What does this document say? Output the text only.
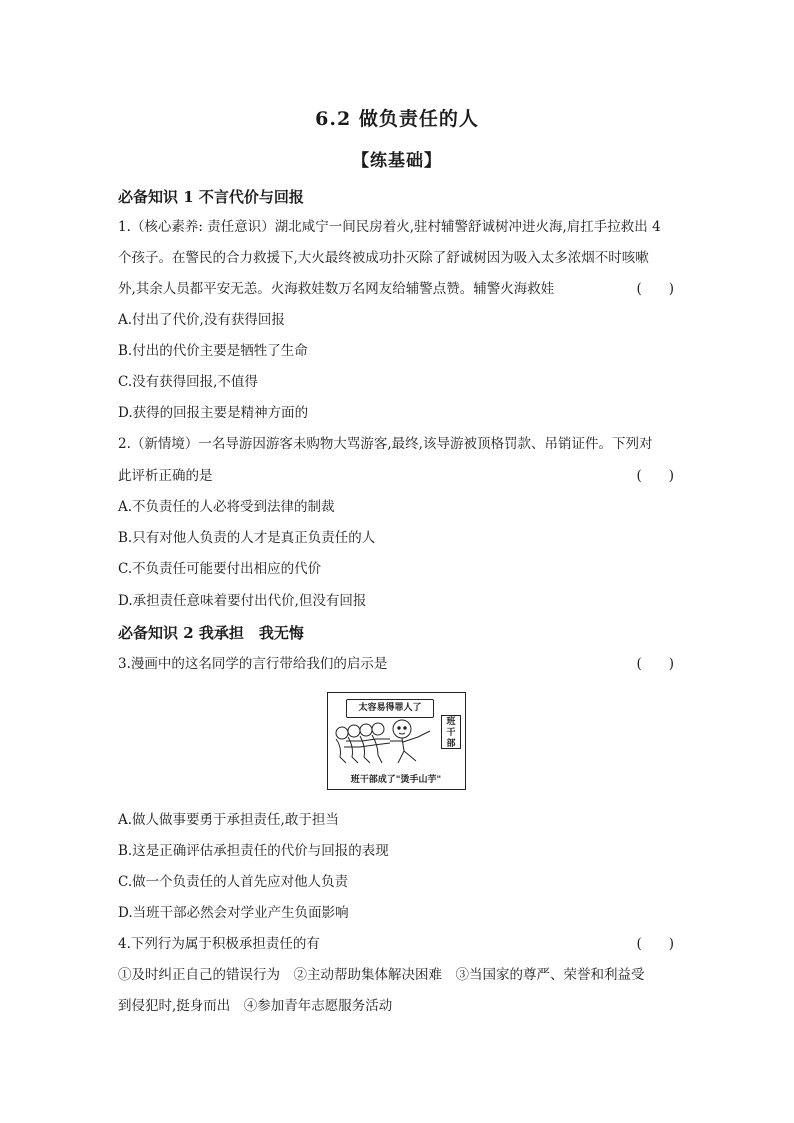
6.2 做负责任的人
【练基础】
必备知识 1 不言代价与回报
1.（核心素养: 责任意识）湖北咸宁一间民房着火,驻村辅警舒诚树冲进火海,肩扛手拉救出 4
个孩子。在警民的合力救援下,大火最终被成功扑灭除了舒诚树因为吸入太多浓烟不时咳嗽
外,其余人员都平安无恙。火海救娃数万名网友给辅警点赞。辅警火海救娃	(　　)
A.付出了代价,没有获得回报
B.付出的代价主要是牺牲了生命
C.没有获得回报,不值得
D.获得的回报主要是精神方面的
2.（新情境）一名导游因游客未购物大骂游客,最终,该导游被顶格罚款、吊销证件。下列对
此评析正确的是	(　　)
A.不负责任的人必将受到法律的制裁
B.只有对他人负责的人才是真正负责任的人
C.不负责任可能要付出相应的代价
D.承担责任意味着要付出代价,但没有回报
必备知识 2 我承担　我无悔
3.漫画中的这名同学的言行带给我们的启示是	(　　)
太容易得罪人了
班
干
部
班干部成了"烫手山芋"
A.做人做事要勇于承担责任,敢于担当
B.这是正确评估承担责任的代价与回报的表现
C.做一个负责任的人首先应对他人负责
D.当班干部必然会对学业产生负面影响
4.下列行为属于积极承担责任的有	(　　)
①及时纠正自己的错误行为　②主动帮助集体解决困难　③当国家的尊严、荣誉和利益受
到侵犯时,挺身而出　④参加青年志愿服务活动
